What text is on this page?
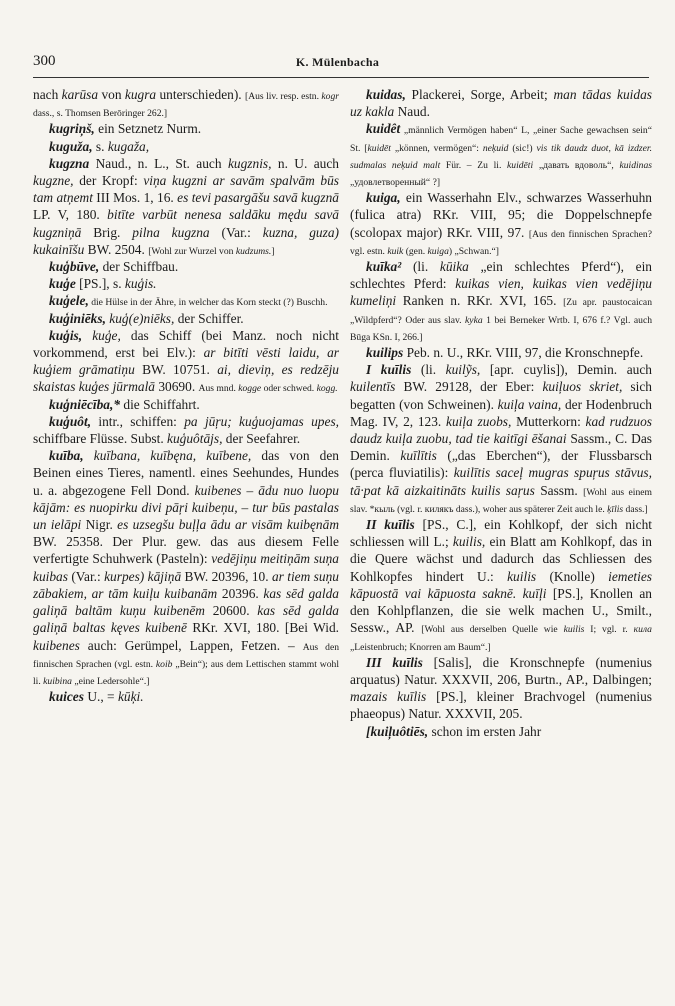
300	K. Mülenbacha

nach karūsa von kugra unterschieden). [Aus liv. resp. estn. kogr dass., s. Thomsen Berōringer 262.]

kugriņš, ein Setznetz Nurm.

kuguža, s. kugaža,

kugzna Naud., n. L., St. auch kugznis, n. U. auch kugzne, der Kropf: viņa kugzni ar savām spalvām būs tam atņemt III Mos. 1, 16. es tevi pasargāšu savā kugznā LP. V, 180. bitīte varbūt nenesa saldāku mędu savā kugzniņā Brig. pilna kugzna (Var.: kuzna, guza) kukainīšu BW. 2504. [Wohl zur Wurzel von kudzums.]

kuģbūve, der Schiffbau.

kuģe [PS.], s. kuģis.

kuģele, die Hülse in der Ähre, in welcher das Korn steckt (?) Buschh.

kuģiniēks, kuģ(e)niēks, der Schiffer.

kuģis, kuģe, das Schiff (bei Manz. noch nicht vorkommend, erst bei Elv.): ar bitīti vēsti laidu, ar kuģiem grāmatiņu BW. 10751. ai, dieviņ, es redzēju skaistas kuģes jūrmalā 30690. Aus mnd. kogge oder schwed. kogg.

kuģniēcība,* die Schiffahrt.

kuģuôt, intr., schiffen: pa jūŗu; kuģuojamas upes, schiffbare Flüsse. Subst. kuģuôtājs, der Seefahrer.

kuība, kuībana, kuībęna, kuībene, das von den Beinen eines Tieres, namentl. eines Seehundes, Hundes u. a. abgezogene Fell Dond. kuibenes ‒ ādu nuo luopu kājām: es nuopirku divi pāŗi kuibeņu, ‒ tur būs pastalas un ielāpi Nigr. es uzsegšu buļļa ādu ar visām kuibęnām BW. 25358. Der Plur. gew. das aus diesem Felle verfertigte Schuhwerk (Pasteln): vedējiņu meitiņām suņa kuibas (Var.: kurpes) kājiņā BW. 20396, 10. ar tiem suņu zābakiem, ar tām kuiļu kuibanām 20396. kas sēd galda galiņā baltām kuņu kuibenēm 20600. kas sēd galda galiņā baltas kęves kuibenē RKr. XVI, 180. [Bei Wid. kuibenes auch: Gerümpel, Lappen, Fetzen. ‒ Aus den finnischen Sprachen (vgl. estn. koib „Bein“); aus dem Lettischen stammt wohl li. kuibina „eine Ledersohle“.]

kuices U., = kūķi.

kuidas, Plackerei, Sorge, Arbeit; man tādas kuidas uz kakla Naud.

kuidêt „männlich Vermögen haben“ L, „einer Sache gewachsen sein“ St. [kuidēt „können, vermögen“: neķuid (sic!) vis tik daudz duot, kā izdzer. sudmalas neķuid malt Für. ‒ Zu li. kuidēti „давать вдоволь“, kuidinas „удовлетворенный“ ?]

kuiga, ein Wasserhahn Elv., schwarzes Wasserhuhn (fulica atra) RKr. VIII, 95; die Doppelschnepfe (scolopax major) RKr. VIII, 97. [Aus den finnischen Sprachen? vgl. estn. kuik (gen. kuiga) „Schwan.“]

kuīka² (li. kūika „ein schlechtes Pferd“), ein schlechtes Pferd: kuikas vien, kuikas vien vedējiņu kumeliņi Ranken n. RKr. XVI, 165. [Zu apr. paustocaican „Wildpferd“? Oder aus slav. kyka 1 bei Berneker Wrtb. I, 676 f.? Vgl. auch Būga KSn. I, 266.]

kuilips Peb. n. U., RKr. VIII, 97, die Kronschnepfe.

I kuīlis (li. kuilỹs, [apr. cuylis]), Demin. auch kuilentīs BW. 29128, der Eber: kuiļuos skriet, sich begatten (von Schweinen). kuiļa vaina, der Hodenbruch Mag. IV, 2, 123. kuiļa zuobs, Mutterkorn: kad rudzuos daudz kuiļa zuobu, tad tie kaitīgi ēšanai Sassm., C. Das Demin. kuīlītis („das Eberchen“), der Flussbarsch (perca fluviatilis): kuilītis saceļ mugras spuŗus stāvus, tā·pat kā aizkaitināts kuilis saŗus Sassm. [Wohl aus einem slav. *кыль (vgl. r. килякъ dass.), woher aus späterer Zeit auch le. ķīlis dass.]

II kuīlis [PS., C.], ein Kohlkopf, der sich nicht schliessen will L.; kuilis, ein Blatt am Kohlkopf, das in die Quere wächst und dadurch das Schliessen des Kohlkopfes hindert U.: kuilis (Knolle) iemeties kāpuostā vai kāpuosta saknē. kuīļi [PS.], Knollen an den Kohlpflanzen, die sie welk machen U., Smilt., Sessw., AP. [Wohl aus derselben Quelle wie kuilis I; vgl. r. кила „Leistenbruch; Knorren am Baum“.]

III kuīlis [Salis], die Kronschnepfe (numenius arquatus) Natur. XXXVII, 206, Burtn., AP., Dalbingen; mazais kuīlis [PS.], kleiner Brachvogel (numenius phaeopus) Natur. XXXVII, 205.

[kuiļuôtiēs, schon im ersten Jahr
